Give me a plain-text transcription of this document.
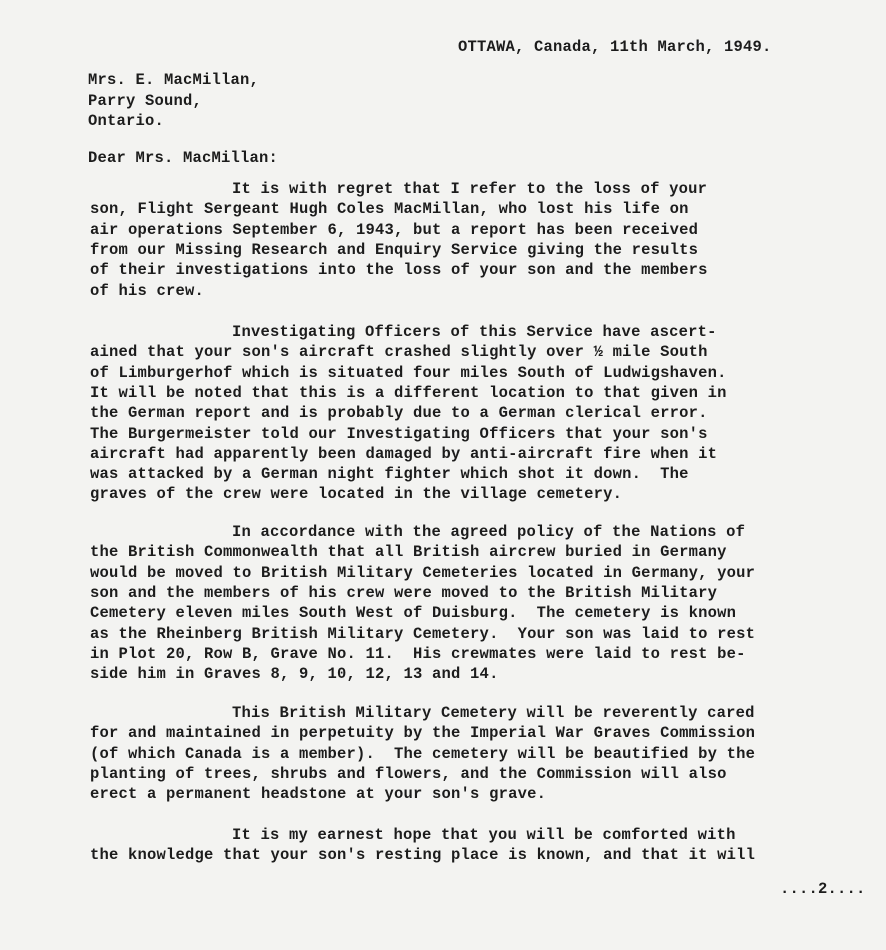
OTTAWA, Canada, 11th March, 1949.
Mrs. E. MacMillan,
Parry Sound,
Ontario.
Dear Mrs. MacMillan:
It is with regret that I refer to the loss of your
son, Flight Sergeant Hugh Coles MacMillan, who lost his life on
air operations September 6, 1943, but a report has been received
from our Missing Research and Enquiry Service giving the results
of their investigations into the loss of your son and the members
of his crew.
Investigating Officers of this Service have ascert-
ained that your son's aircraft crashed slightly over ½ mile South
of Limburgerhof which is situated four miles South of Ludwigshaven.
It will be noted that this is a different location to that given in
the German report and is probably due to a German clerical error.
The Burgermeister told our Investigating Officers that your son's
aircraft had apparently been damaged by anti-aircraft fire when it
was attacked by a German night fighter which shot it down.  The
graves of the crew were located in the village cemetery.
In accordance with the agreed policy of the Nations of
the British Commonwealth that all British aircrew buried in Germany
would be moved to British Military Cemeteries located in Germany, your
son and the members of his crew were moved to the British Military
Cemetery eleven miles South West of Duisburg.  The cemetery is known
as the Rheinberg British Military Cemetery.  Your son was laid to rest
in Plot 20, Row B, Grave No. 11.  His crewmates were laid to rest be-
side him in Graves 8, 9, 10, 12, 13 and 14.
This British Military Cemetery will be reverently cared
for and maintained in perpetuity by the Imperial War Graves Commission
(of which Canada is a member).  The cemetery will be beautified by the
planting of trees, shrubs and flowers, and the Commission will also
erect a permanent headstone at your son's grave.
It is my earnest hope that you will be comforted with
the knowledge that your son's resting place is known, and that it will
....2....
